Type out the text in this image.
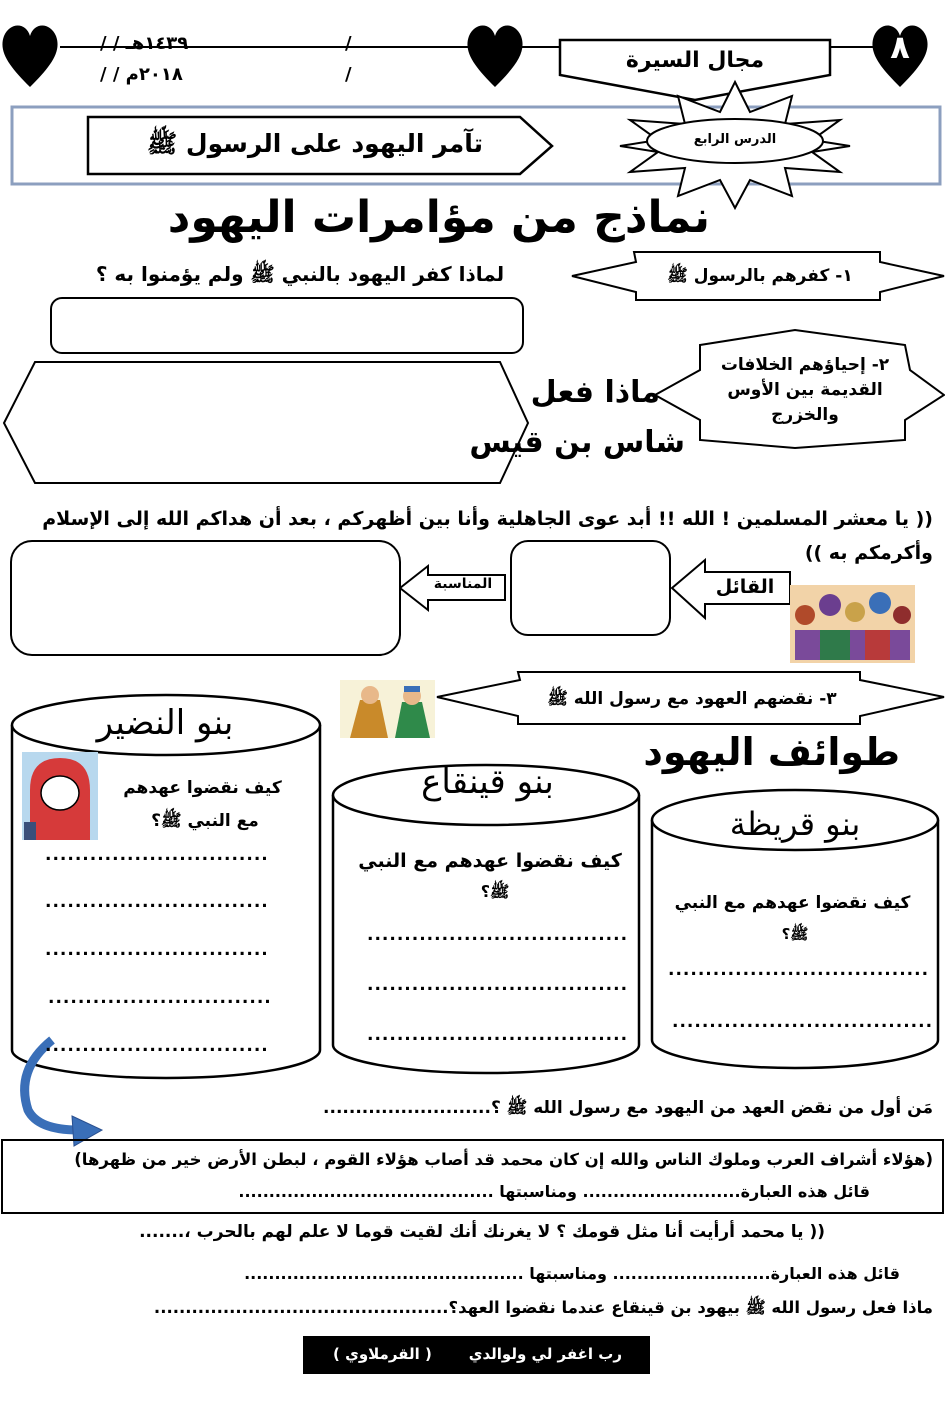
٨
١٤٣٩هـ / /
٢٠١٨م / /
/
/
مجال السيرة
الدرس الرابع
تآمر اليهود على الرسول ﷺ
نماذج من مؤامرات اليهود
١- كفرهم بالرسول ﷺ
لماذا كفر اليهود بالنبي ﷺ ولم يؤمنوا به ؟
٢- إحياؤهم الخلافات
القديمة بين الأوس
والخزرج
ماذا فعل
شاس بن قيس
(( يا معشر المسلمين ! الله !! أبد عوى الجاهلية وأنا بين أظهركم ، بعد أن هداكم الله إلى الإسلام
وأكرمكم به ))
القائل
المناسبة
٣- نقضهم العهود مع رسول الله ﷺ
طوائف اليهود
بنو النضير
كيف نقضوا عهدهم
مع النبي ﷺ؟
..............................
..............................
..............................
..............................
..............................
بنو قينقاع
كيف نقضوا عهدهم مع النبي
ﷺ؟
...................................
...................................
...................................
بنو قريظة
كيف نقضوا عهدهم مع النبي
ﷺ؟
...................................
...................................
مَن أول من نقض العهد من اليهود مع رسول الله ﷺ ؟..........................
(هؤلاء أشراف العرب وملوك الناس والله إن كان محمد قد أصاب هؤلاء القوم ، لبطن الأرض خير من ظهرها)
قائل هذه العبارة.......................... ومناسبتها ..........................................
(( يا محمد أرأيت أنا مثل قومك ؟ لا يغرنك أنك لقيت قوما لا علم لهم بالحرب ،.......
قائل هذه العبارة.......................... ومناسبتها ..............................................
ماذا فعل رسول الله ﷺ بيهود بن قينقاع عندما نقضوا العهد؟...............................................
رب اغفر لي ولوالدي
( القرملاوي )
